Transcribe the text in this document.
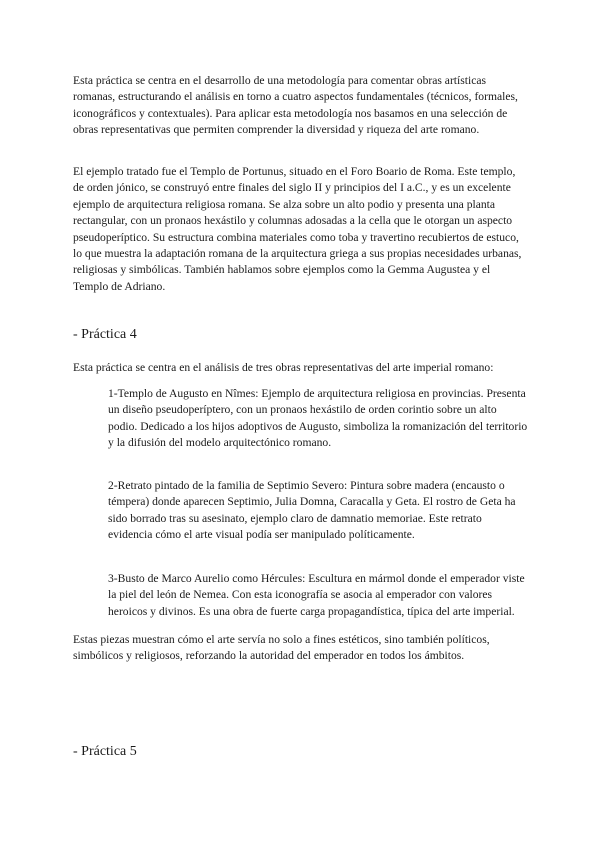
Esta práctica se centra en el desarrollo de una metodología para comentar obras artísticas romanas, estructurando el análisis en torno a cuatro aspectos fundamentales (técnicos, formales, iconográficos y contextuales). Para aplicar esta metodología nos basamos en una selección de obras representativas que permiten comprender la diversidad y riqueza del arte romano.

El ejemplo tratado fue el Templo de Portunus, situado en el Foro Boario de Roma. Este templo, de orden jónico, se construyó entre finales del siglo II y principios del I a.C., y es un excelente ejemplo de arquitectura religiosa romana. Se alza sobre un alto podio y presenta una planta rectangular, con un pronaos hexástilo y columnas adosadas a la cella que le otorgan un aspecto pseudoperíptico. Su estructura combina materiales como toba y travertino recubiertos de estuco, lo que muestra la adaptación romana de la arquitectura griega a sus propias necesidades urbanas, religiosas y simbólicas. También hablamos sobre ejemplos como la Gemma Augustea y el Templo de Adriano.

- Práctica 4

Esta práctica se centra en el análisis de tres obras representativas del arte imperial romano:

1-Templo de Augusto en Nîmes: Ejemplo de arquitectura religiosa en provincias. Presenta un diseño pseudoperíptero, con un pronaos hexástilo de orden corintio sobre un alto podio. Dedicado a los hijos adoptivos de Augusto, simboliza la romanización del territorio y la difusión del modelo arquitectónico romano.

2-Retrato pintado de la familia de Septimio Severo: Pintura sobre madera (encausto o témpera) donde aparecen Septimio, Julia Domna, Caracalla y Geta. El rostro de Geta ha sido borrado tras su asesinato, ejemplo claro de damnatio memoriae. Este retrato evidencia cómo el arte visual podía ser manipulado políticamente.

3-Busto de Marco Aurelio como Hércules: Escultura en mármol donde el emperador viste la piel del león de Nemea. Con esta iconografía se asocia al emperador con valores heroicos y divinos. Es una obra de fuerte carga propagandística, típica del arte imperial.

Estas piezas muestran cómo el arte servía no solo a fines estéticos, sino también políticos, simbólicos y religiosos, reforzando la autoridad del emperador en todos los ámbitos.

- Práctica 5
